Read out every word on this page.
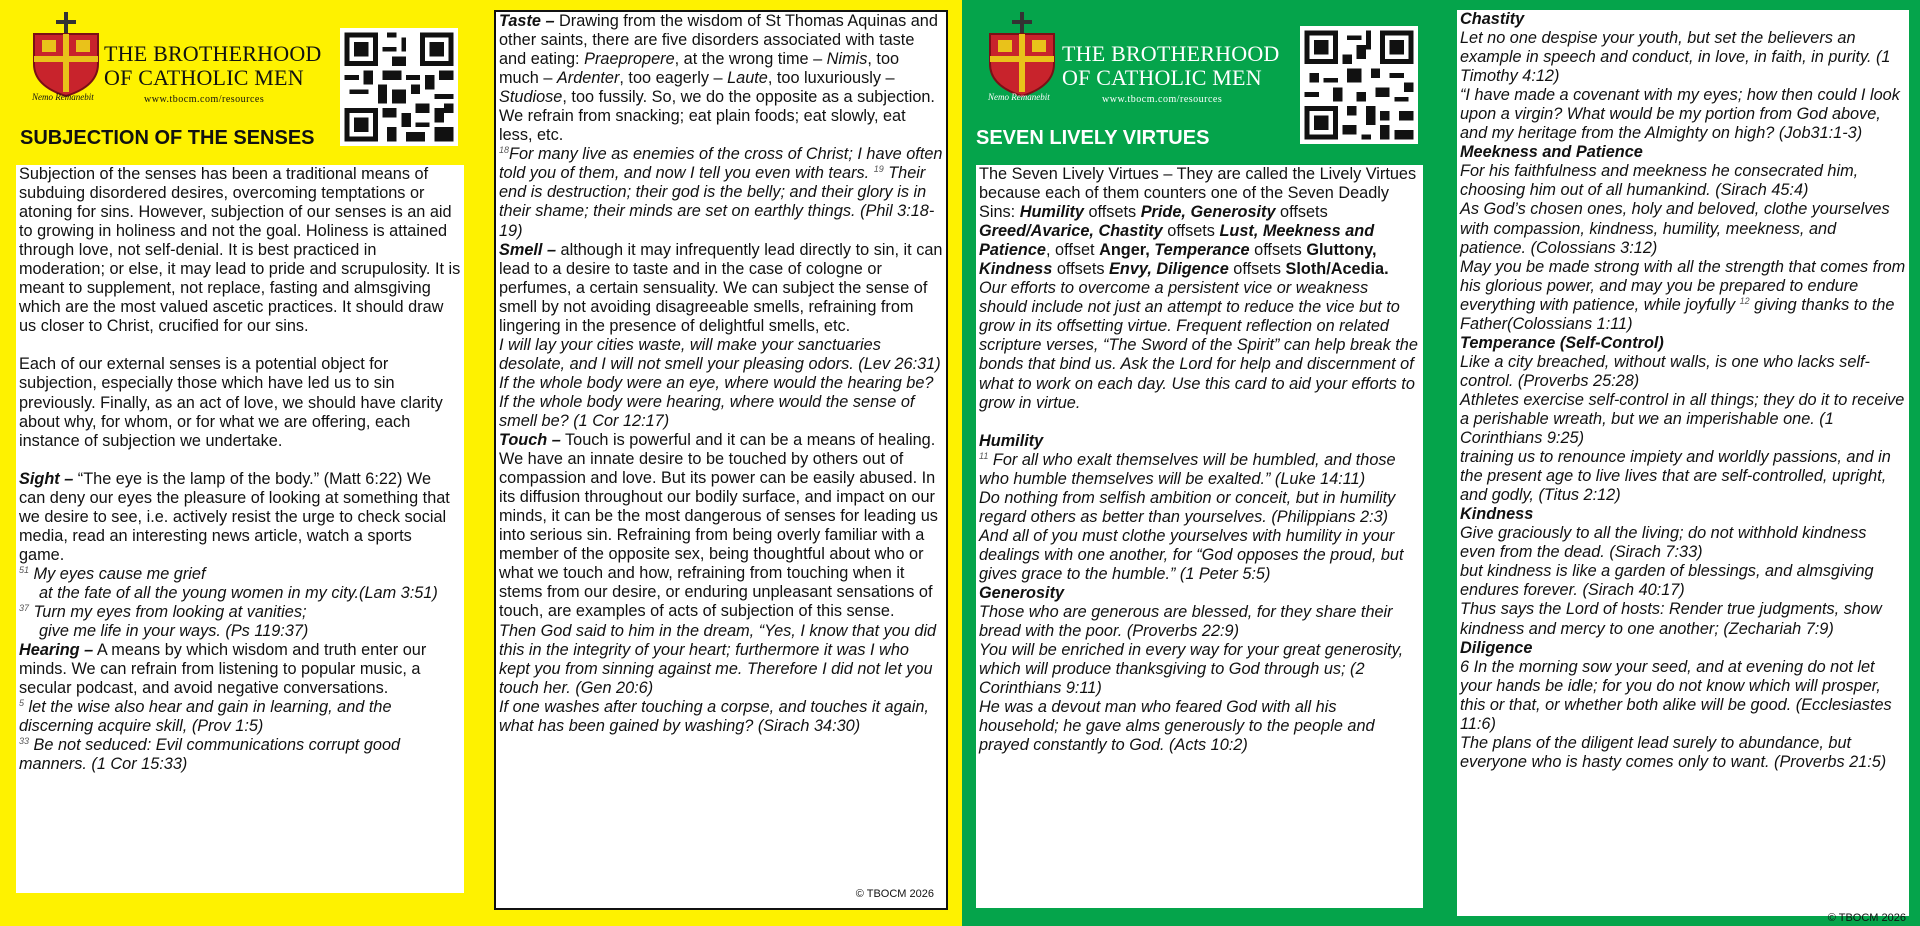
Nemo Remanebit
THE BROTHERHOOD
OF CATHOLIC MEN
www.tbocm.com/resources
SUBJECTION OF THE SENSES

Subjection of the senses has been a traditional means of subduing disordered desires, overcoming temptations or atoning for sins. However, subjection of our senses is an aid to growing in holiness and not the goal. Holiness is attained through love, not self-denial. It is best practiced in moderation; or else, it may lead to pride and scrupulosity. It is meant to supplement, not replace, fasting and almsgiving which are the most valued ascetic practices. It should draw us closer to Christ, crucified for our sins.

Each of our external senses is a potential object for subjection, especially those which have led us to sin previously. Finally, as an act of love, we should have clarity about why, for whom, or for what we are offering, each instance of subjection we undertake.

Sight – “The eye is the lamp of the body.” (Matt 6:22) We can deny our eyes the pleasure of looking at something that we desire to see, i.e. actively resist the urge to check social media, read an interesting news article, watch a sports game.

$^{51}$ My eyes cause me grief

at the fate of all the young women in my city.(Lam 3:51)

$^{37}$ Turn my eyes from looking at vanities;

give me life in your ways. (Ps 119:37)

Hearing – A means by which wisdom and truth enter our minds. We can refrain from listening to popular music, a secular podcast, and avoid negative conversations.

$^5$ let the wise also hear and gain in learning, and the discerning acquire skill, (Prov 1:5)

$^{33}$ Be not seduced: Evil communications corrupt good manners. (1 Cor 15:33)

Taste – Drawing from the wisdom of St Thomas Aquinas and other saints, there are five disorders associated with taste and eating: Praepropere, at the wrong time – Nimis, too much – Ardenter, too eagerly – Laute, too luxuriously – Studiose, too fussily. So, we do the opposite as a subjection. We refrain from snacking; eat plain foods; eat slowly, eat less, etc.

$^{18}$For many live as enemies of the cross of Christ; I have often told you of them, and now I tell you even with tears. $^{19}$ Their end is destruction; their god is the belly; and their glory is in their shame; their minds are set on earthly things. (Phil 3:18-19)

Smell – although it may infrequently lead directly to sin, it can lead to a desire to taste and in the case of cologne or perfumes, a certain sensuality. We can subject the sense of smell by not avoiding disagreeable smells, refraining from lingering in the presence of delightful smells, etc.

I will lay your cities waste, will make your sanctuaries desolate, and I will not smell your pleasing odors. (Lev 26:31)

If the whole body were an eye, where would the hearing be? If the whole body were hearing, where would the sense of smell be? (1 Cor 12:17)

Touch – Touch is powerful and it can be a means of healing. We have an innate desire to be touched by others out of compassion and love. But its power can be easily abused. In its diffusion throughout our bodily surface, and impact on our minds, it can be the most dangerous of senses for leading us into serious sin. Refraining from being overly familiar with a member of the opposite sex, being thoughtful about who or what we touch and how, refraining from touching when it stems from our desire, or enduring unpleasant sensations of touch, are examples of acts of subjection of this sense.

Then God said to him in the dream, “Yes, I know that you did this in the integrity of your heart; furthermore it was I who kept you from sinning against me. Therefore I did not let you touch her. (Gen 20:6)

If one washes after touching a corpse, and touches it again, what has been gained by washing? (Sirach 34:30)

© TBOCM 2026
Nemo Remanebit
THE BROTHERHOOD
OF CATHOLIC MEN
www.tbocm.com/resources
SEVEN LIVELY VIRTUES

The Seven Lively Virtues – They are called the Lively Virtues because each of them counters one of the Seven Deadly Sins: Humility offsets Pride, Generosity offsets Greed/Avarice, Chastity offsets Lust, Meekness and Patience, offset Anger, Temperance offsets Gluttony, Kindness offsets Envy, Diligence offsets Sloth/Acedia. Our efforts to overcome a persistent vice or weakness should include not just an attempt to reduce the vice but to grow in its offsetting virtue. Frequent reflection on related scripture verses, “The Sword of the Spirit” can help break the bonds that bind us. Ask the Lord for help and discernment of what to work on each day. Use this card to aid your efforts to grow in virtue.

Humility

$^{11}$ For all who exalt themselves will be humbled, and those who humble themselves will be exalted.” (Luke 14:11)

Do nothing from selfish ambition or conceit, but in humility regard others as better than yourselves. (Philippians 2:3)

And all of you must clothe yourselves with humility in your dealings with one another, for “God opposes the proud, but gives grace to the humble.” (1 Peter 5:5)

Generosity

Those who are generous are blessed, for they share their bread with the poor. (Proverbs 22:9)

You will be enriched in every way for your great generosity, which will produce thanksgiving to God through us; (2 Corinthians 9:11)

He was a devout man who feared God with all his household; he gave alms generously to the people and prayed constantly to God. (Acts 10:2)

Chastity

Let no one despise your youth, but set the believers an example in speech and conduct, in love, in faith, in purity. (1 Timothy 4:12)

“I have made a covenant with my eyes; how then could I look upon a virgin? What would be my portion from God above, and my heritage from the Almighty on high? (Job31:1-3)

Meekness and Patience

For his faithfulness and meekness he consecrated him, choosing him out of all humankind. (Sirach 45:4)

As God’s chosen ones, holy and beloved, clothe yourselves with compassion, kindness, humility, meekness, and patience. (Colossians 3:12)

May you be made strong with all the strength that comes from his glorious power, and may you be prepared to endure everything with patience, while joyfully $^{12}$ giving thanks to the Father(Colossians 1:11)

Temperance (Self-Control)

Like a city breached, without walls, is one who lacks self-control. (Proverbs 25:28)

Athletes exercise self-control in all things; they do it to receive a perishable wreath, but we an imperishable one. (1 Corinthians 9:25)

training us to renounce impiety and worldly passions, and in the present age to live lives that are self-controlled, upright, and godly, (Titus 2:12)

Kindness

Give graciously to all the living; do not withhold kindness even from the dead. (Sirach 7:33)

but kindness is like a garden of blessings, and almsgiving endures forever. (Sirach 40:17)

Thus says the Lord of hosts: Render true judgments, show kindness and mercy to one another; (Zechariah 7:9)

Diligence

6 In the morning sow your seed, and at evening do not let your hands be idle; for you do not know which will prosper, this or that, or whether both alike will be good. (Ecclesiastes 11:6)

The plans of the diligent lead surely to abundance, but everyone who is hasty comes only to want. (Proverbs 21:5)

© TBOCM 2026
